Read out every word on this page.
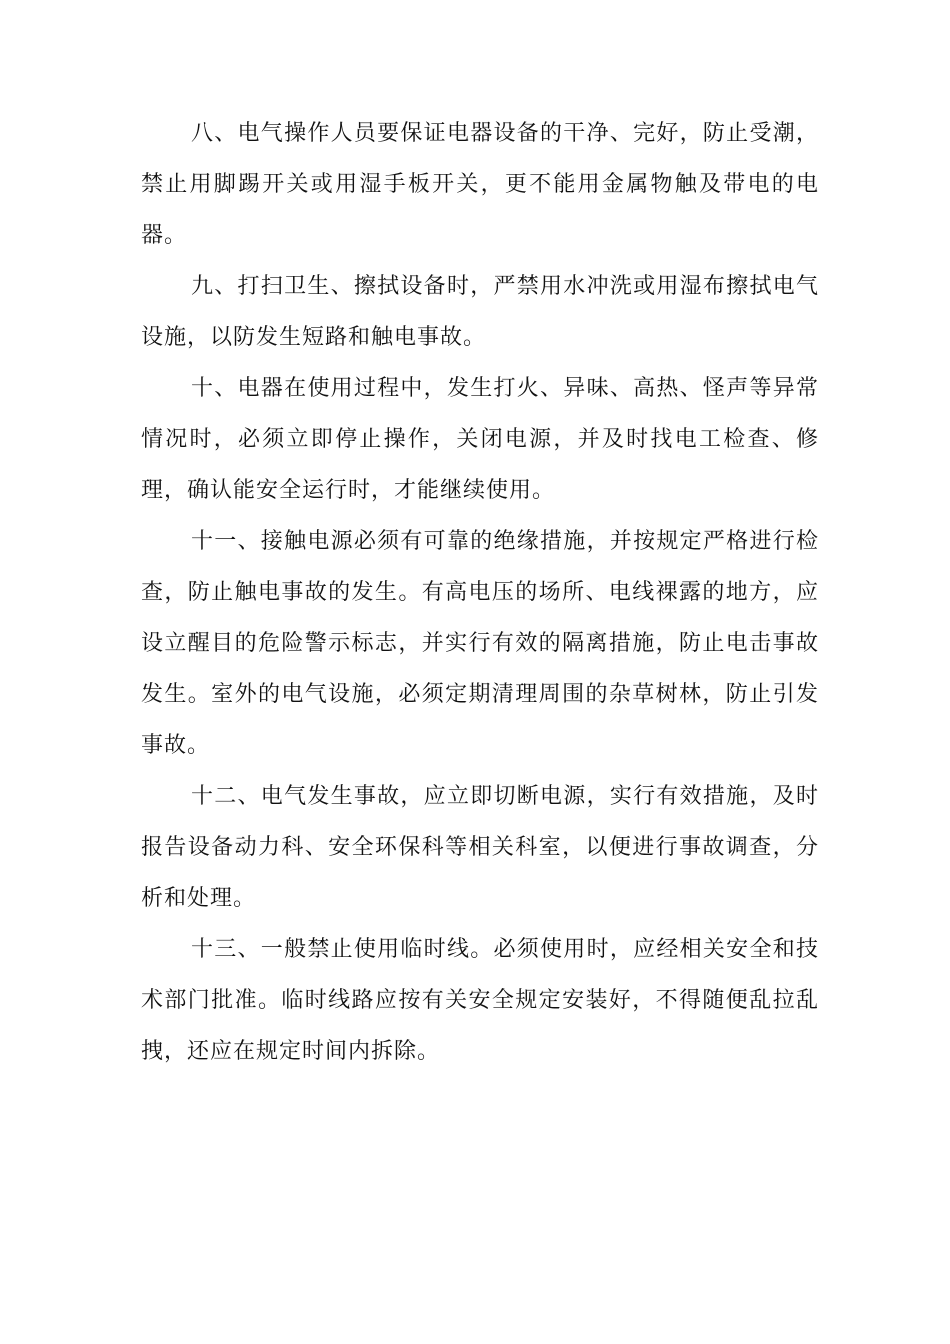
八、电气操作人员要保证电器设备的干净、完好，防止受潮，禁止用脚踢开关或用湿手板开关，更不能用金属物触及带电的电器。

九、打扫卫生、擦拭设备时，严禁用水冲洗或用湿布擦拭电气设施，以防发生短路和触电事故。

十、电器在使用过程中，发生打火、异味、高热、怪声等异常情况时，必须立即停止操作，关闭电源，并及时找电工检查、修理，确认能安全运行时，才能继续使用。

十一、接触电源必须有可靠的绝缘措施，并按规定严格进行检查，防止触电事故的发生。有高电压的场所、电线裸露的地方，应设立醒目的危险警示标志，并实行有效的隔离措施，防止电击事故发生。室外的电气设施，必须定期清理周围的杂草树林，防止引发事故。

十二、电气发生事故，应立即切断电源，实行有效措施，及时报告设备动力科、安全环保科等相关科室，以便进行事故调查，分析和处理。

十三、一般禁止使用临时线。必须使用时，应经相关安全和技术部门批准。临时线路应按有关安全规定安装好，不得随便乱拉乱拽，还应在规定时间内拆除。
